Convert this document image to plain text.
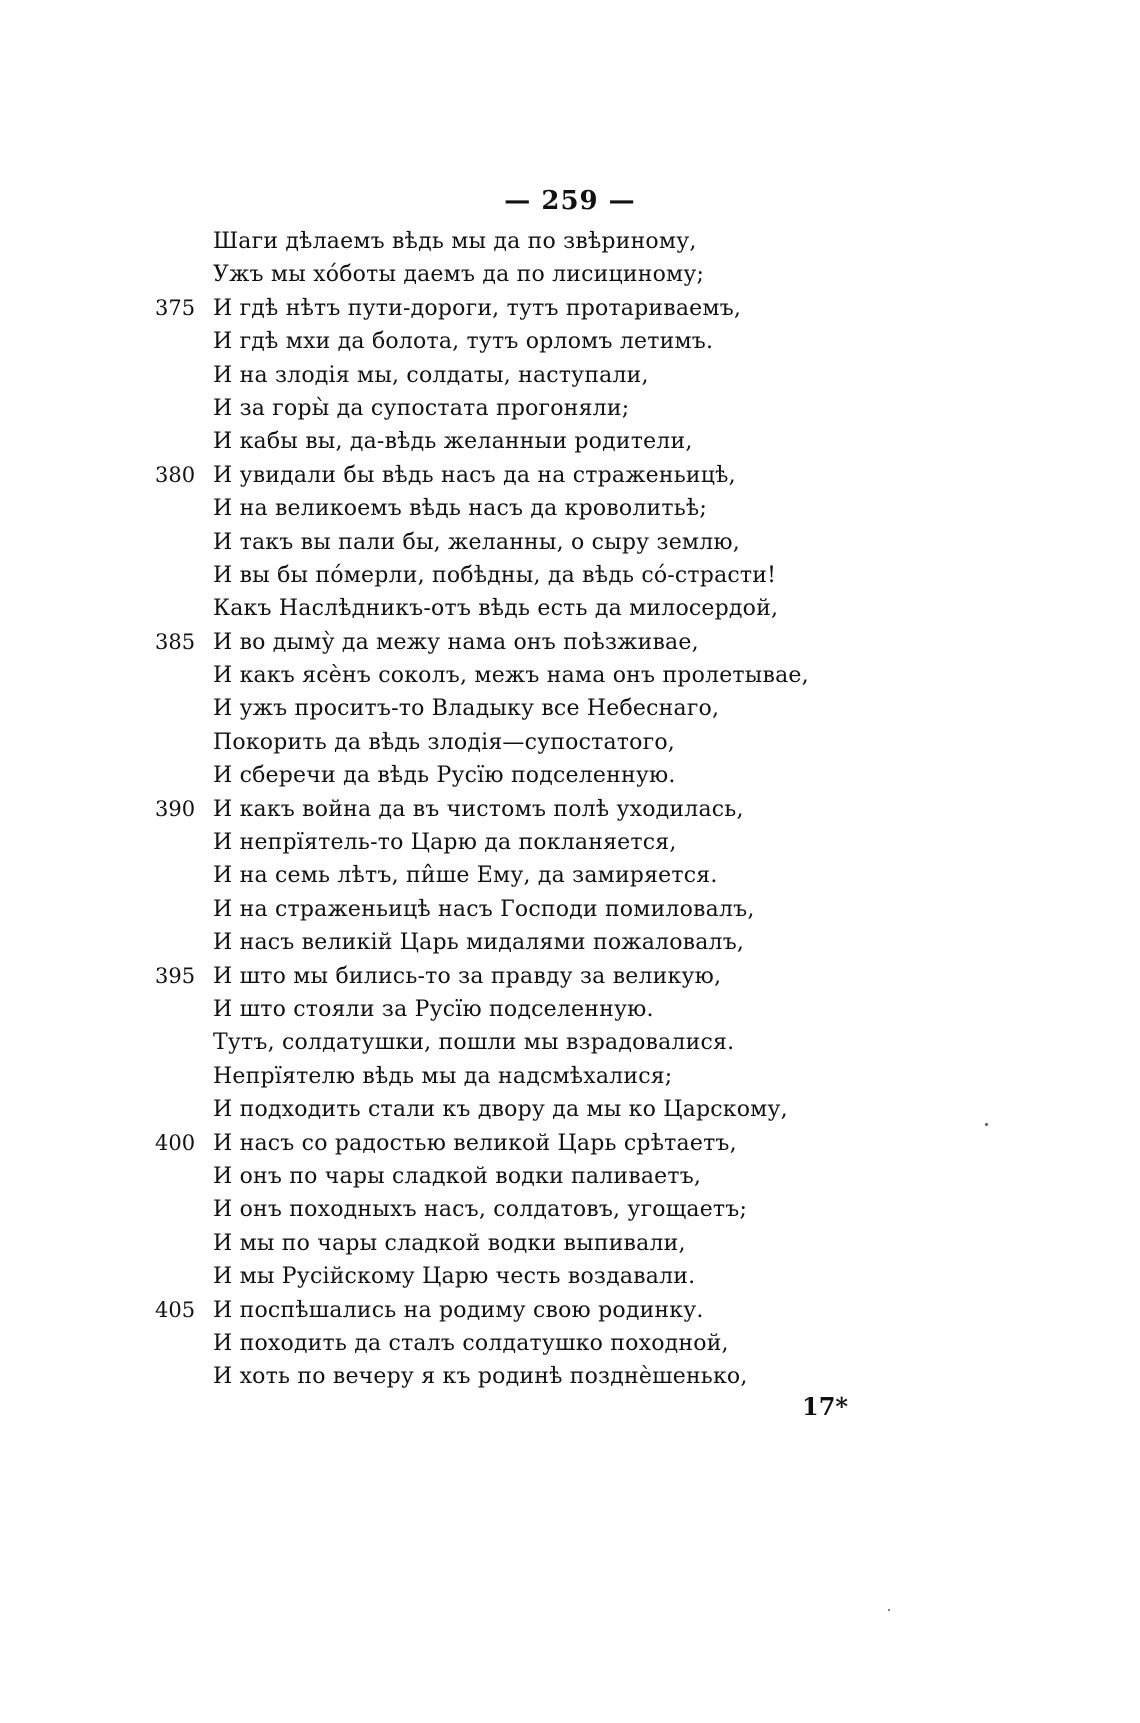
— 259 —
Шаги дѣлаемъ вѣдь мы да по звѣриному,
Ужъ мы хо́боты даемъ да по лисициному;
375 И гдѣ нѣтъ пути-дороги, тутъ протариваемъ,
И гдѣ мхи да болота, тутъ орломъ летимъ.
И на злодія мы, солдаты, наступали,
И за горы̀ да супостата прогоняли;
И кабы вы, да-вѣдь желанныи родители,
380 И увидали бы вѣдь насъ да на страженьицѣ,
И на великоемъ вѣдь насъ да кроволитьѣ;
И такъ вы пали бы, желанны, о сыру землю,
И вы бы по́мерли, побѣдны, да вѣдь со́-страсти!
Какъ Наслѣдникъ-отъ вѣдь есть да милосердой,
385 И во дыму̀ да межу нама онъ поѣзживае,
И какъ ясѐнъ соколъ, межъ нама онъ пролетывае,
И ужъ проситъ-то Владыку все Небеснаго,
Покорить да вѣдь злодія—супостатого,
И сберечи да вѣдь Русїю подселенную.
390 И какъ война да въ чистомъ полѣ уходилась,
И непрїятель-то Царю да покланяется,
И на семь лѣтъ, пи̂ше Ему, да замиряется.
И на страженьицѣ насъ Господи помиловалъ,
И насъ великiй Царь мидалями пожаловалъ,
395 И што мы бились-то за правду за великую,
И што стояли за Русїю подселенную.
Тутъ, солдатушки, пошли мы взрадовалися.
Непрїятелю вѣдь мы да надсмѣхалися;
И подходить стали къ двору да мы ко Царскому,
400 И насъ со радостью великой Царь срѣтаетъ,
И онъ по чары сладкой водки паливаетъ,
И онъ походныхъ насъ, солдатовъ, угощаетъ;
И мы по чары сладкой водки выпивали,
И мы Русiйскому Царю честь воздавали.
405 И поспѣшались на родиму свою родинку.
И походить да сталъ солдатушко походной,
И хоть по вечеру я къ родинѣ позднѐшенько,
17*
